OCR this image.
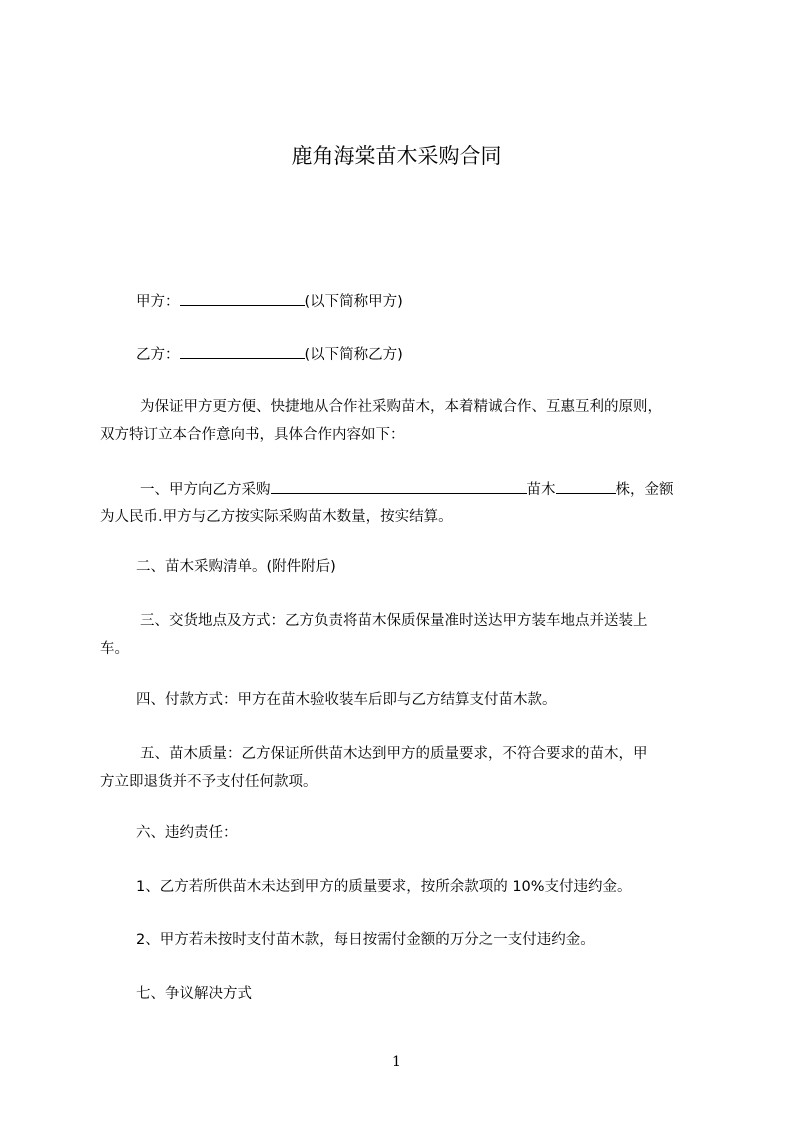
鹿角海棠苗木采购合同
甲方：	(以下简称甲方)
乙方：	(以下简称乙方)
为保证甲方更方便、快捷地从合作社采购苗木，本着精诚合作、互惠互利的原则，
双方特订立本合作意向书，具体合作内容如下：
一、甲方向乙方采购	苗木	株，金额
为人民币.甲方与乙方按实际采购苗木数量，按实结算。
二、苗木采购清单。(附件附后)
三、交货地点及方式：乙方负责将苗木保质保量准时送达甲方装车地点并送装上
车。
四、付款方式：甲方在苗木验收装车后即与乙方结算支付苗木款。
五、苗木质量：乙方保证所供苗木达到甲方的质量要求，不符合要求的苗木，甲
方立即退货并不予支付任何款项。
六、违约责任：
1、乙方若所供苗木未达到甲方的质量要求，按所余款项的 10%支付违约金。
2、甲方若未按时支付苗木款，每日按需付金额的万分之一支付违约金。
七、争议解决方式
1
